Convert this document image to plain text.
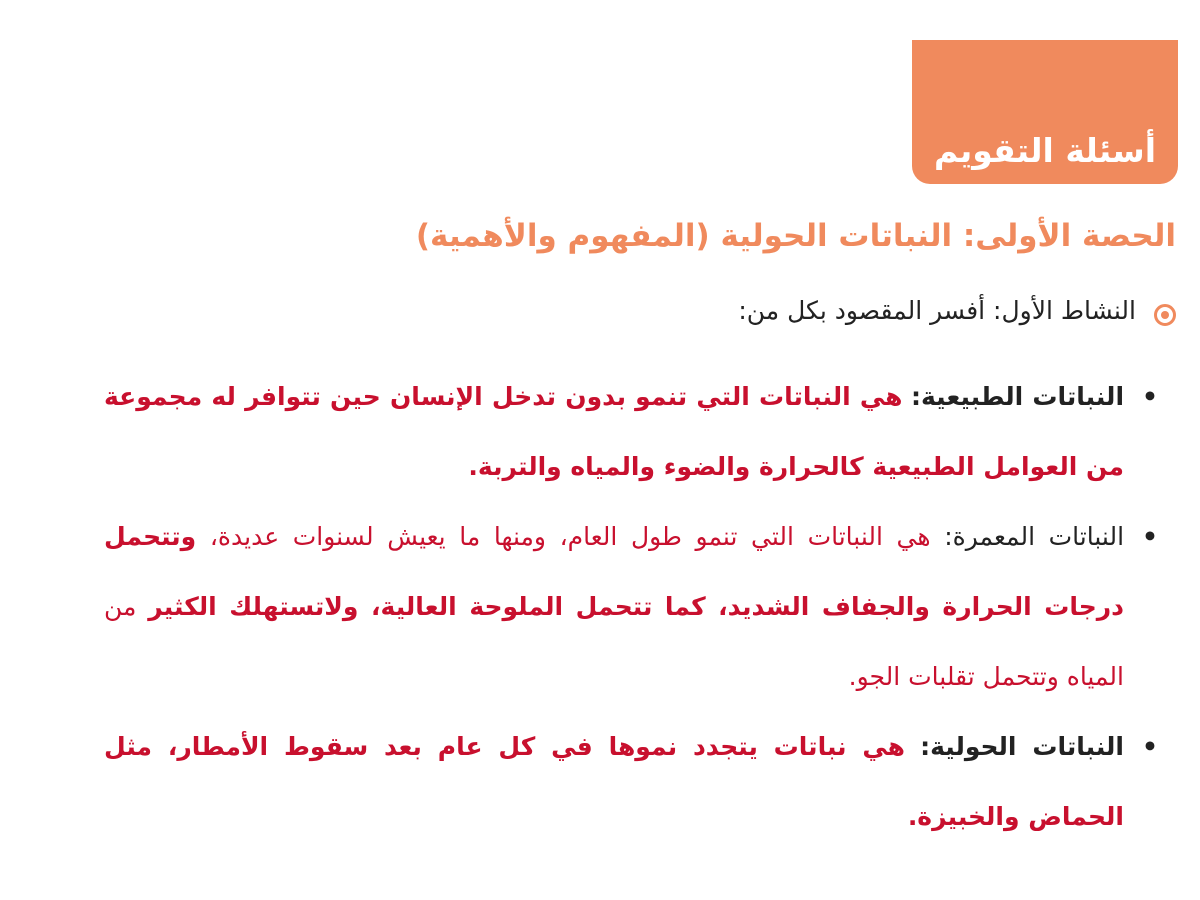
أسئلة التقويم
الحصة الأولى: النباتات الحولية (المفهوم والأهمية)
النشاط الأول: أفسر المقصود بكل من:
•
النباتات الطبيعية: هي النباتات التي تنمو بدون تدخل الإنسان حين تتوافر له مجموعة من العوامل الطبيعية كالحرارة والضوء والمياه والتربة.
•
النباتات المعمرة: هي النباتات التي تنمو طول العام، ومنها ما يعيش لسنوات عديدة، وتتحمل درجات الحرارة والجفاف الشديد، كما تتحمل الملوحة العالية، ولاتستهلك الكثير من المياه وتتحمل تقلبات الجو.
•
النباتات الحولية: هي نباتات يتجدد نموها في كل عام بعد سقوط الأمطار، مثل الحماض والخبيزة.
